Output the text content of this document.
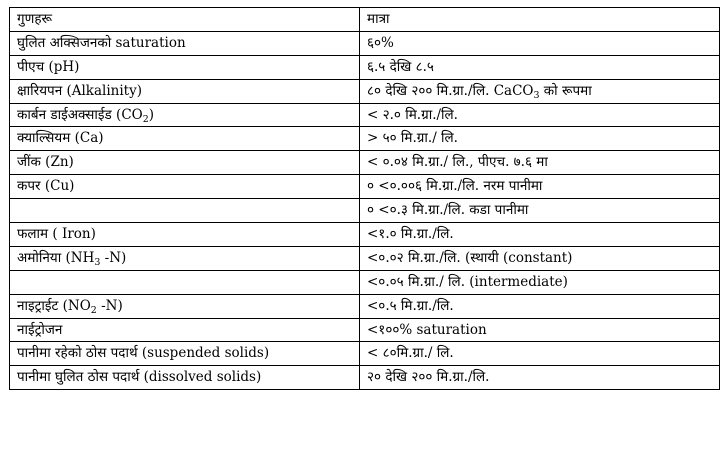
गुणहरू	मात्रा
घुलित अक्सिजनको saturation	६०%
पीएच (pH)	६.५ देखि ८.५
क्षारियपन (Alkalinity)	८० देखि २०० मि.ग्रा./लि. CaCO$_3$ को रूपमा
कार्बन डाईअक्साईड $(CO_2)$	< २.० मि.ग्रा./लि.
क्याल्सियम (Ca)	> ५० मि.ग्रा./ लि.
जींक (Zn)	< ०.०४ मि.ग्रा./ लि., पीएच. ७.६ मा
कपर (Cu)	० <०.००६ मि.ग्रा./लि. नरम पानीमा
	० <०.३ मि.ग्रा./लि. कडा पानीमा
फलाम ( Iron)	<१.० मि.ग्रा./लि.
अमोनिया ($NH_3$ -N)	<०.०२ मि.ग्रा./लि. (स्थायी (constant)
	<०.०५ मि.ग्रा./ लि. (intermediate)
नाइट्राईट ($NO_2$ -N)	<०.५ मि.ग्रा./लि.
नाईट्रोजन	<१००% saturation
पानीमा रहेको ठोस पदार्थ (suspended solids)	< ८०मि.ग्रा./ लि.
पानीमा घुलित ठोस पदार्थ (dissolved solids)	२० देखि २०० मि.ग्रा./लि.
